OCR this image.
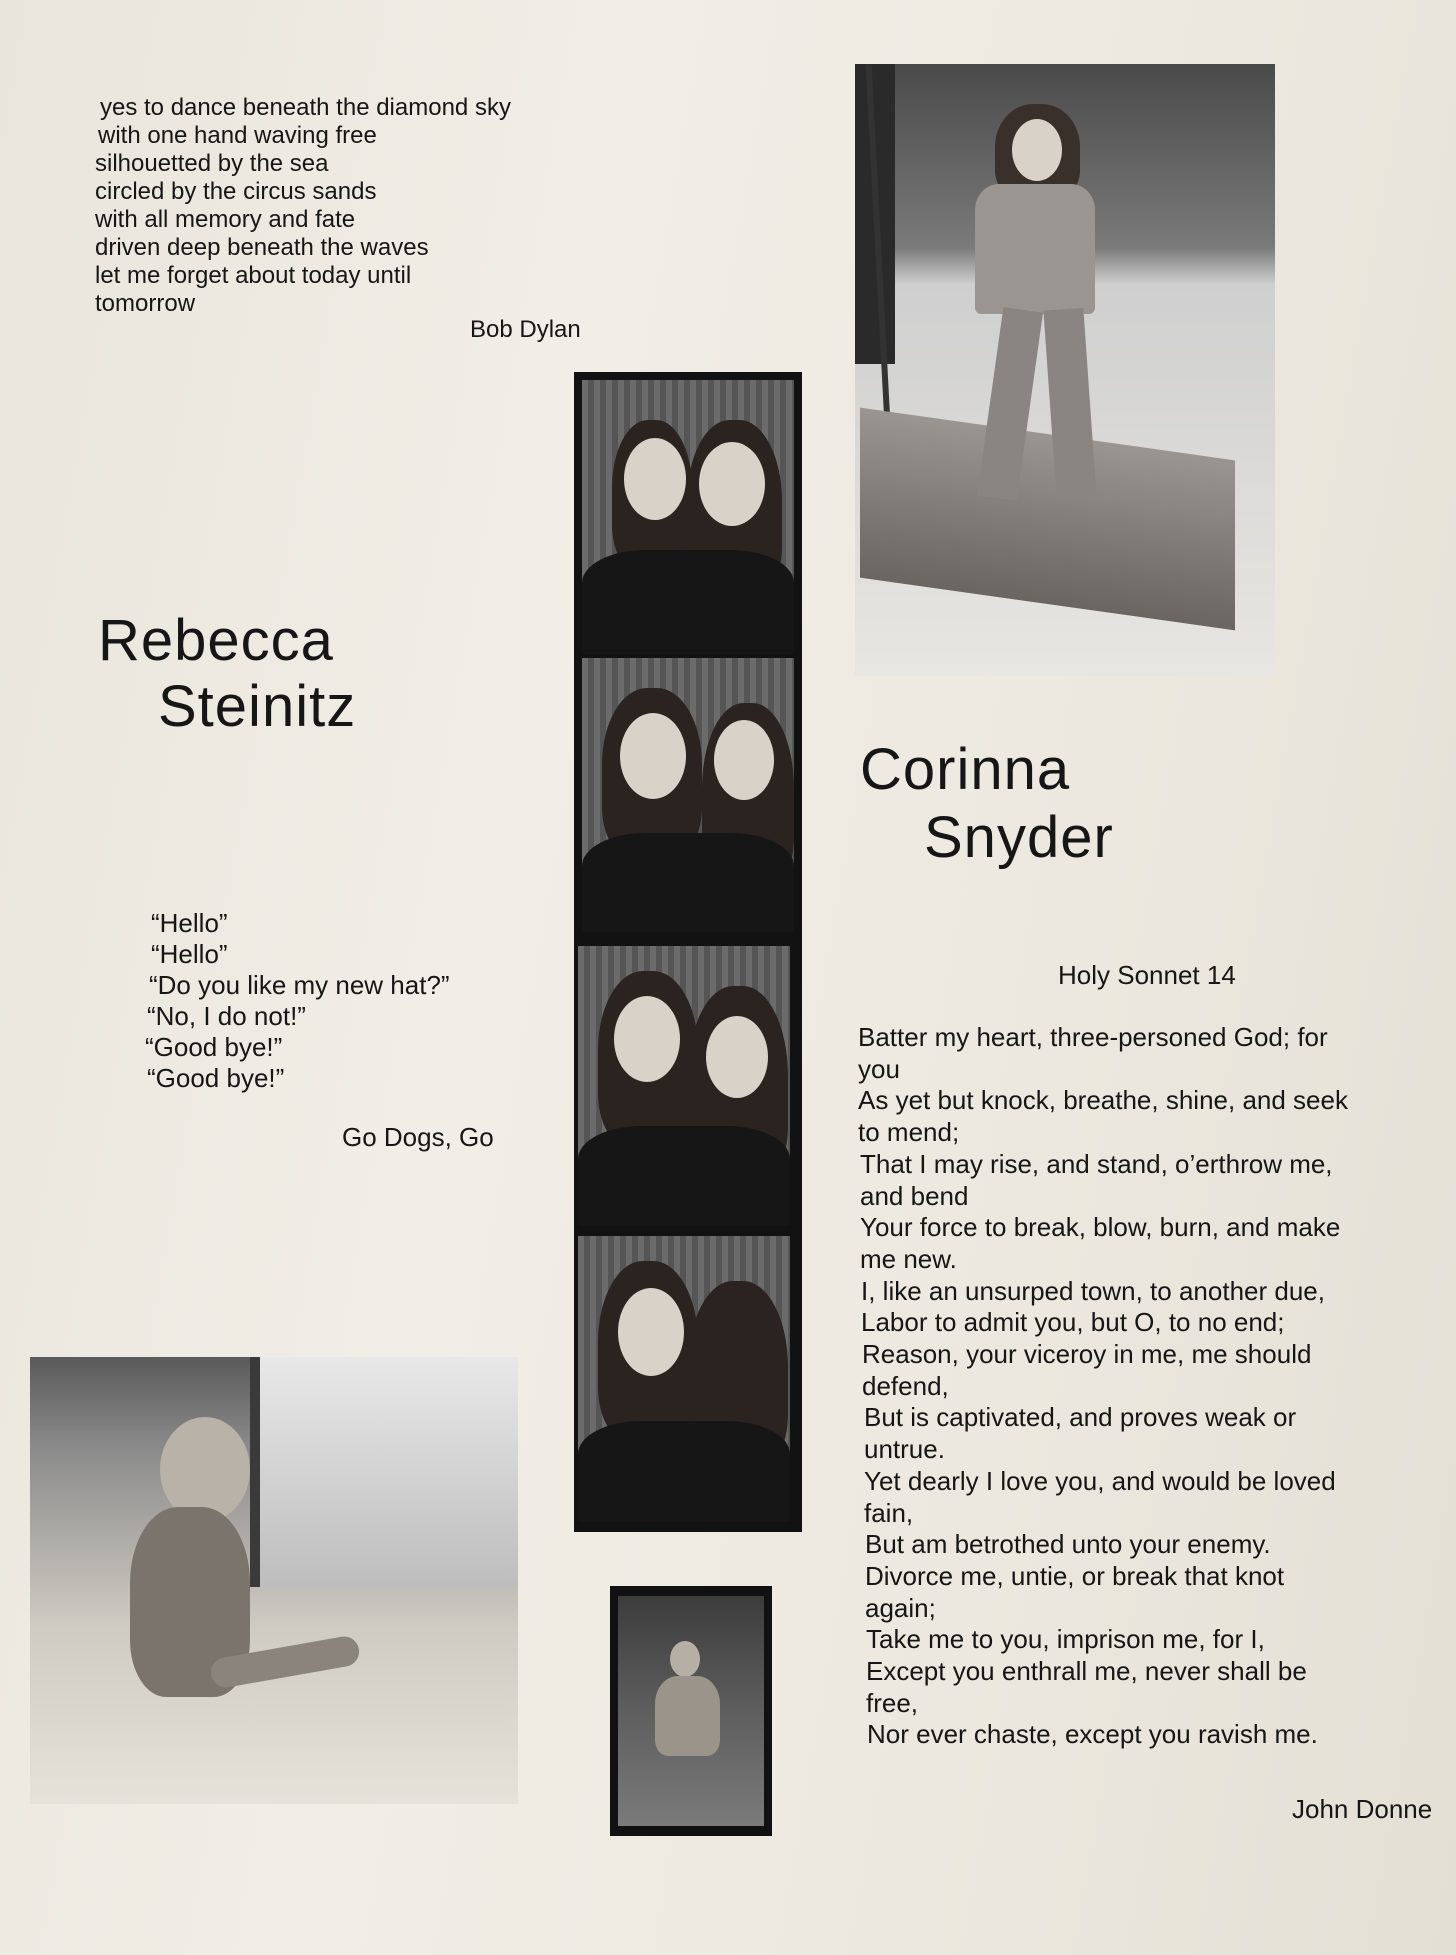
yes to dance beneath the diamond sky
with one hand waving free
silhouetted by the sea
circled by the circus sands
with all memory and fate
driven deep beneath the waves
let me forget about today until
tomorrow
Bob Dylan
Rebecca
Steinitz
Corinna
Snyder
“Hello”
“Hello”
“Do you like my new hat?”
“No, I do not!”
“Good bye!”
“Good bye!”
Go Dogs, Go
Holy Sonnet 14
Batter my heart, three-personed God; for
you
As yet but knock, breathe, shine, and seek
to mend;
That I may rise, and stand, o’erthrow me,
and bend
Your force to break, blow, burn, and make
me new.
I, like an unsurped town, to another due,
Labor to admit you, but O, to no end;
Reason, your viceroy in me, me should
defend,
But is captivated, and proves weak or
untrue.
Yet dearly I love you, and would be loved
fain,
But am betrothed unto your enemy.
Divorce me, untie, or break that knot
again;
Take me to you, imprison me, for I,
Except you enthrall me, never shall be
free,
Nor ever chaste, except you ravish me.
John Donne
